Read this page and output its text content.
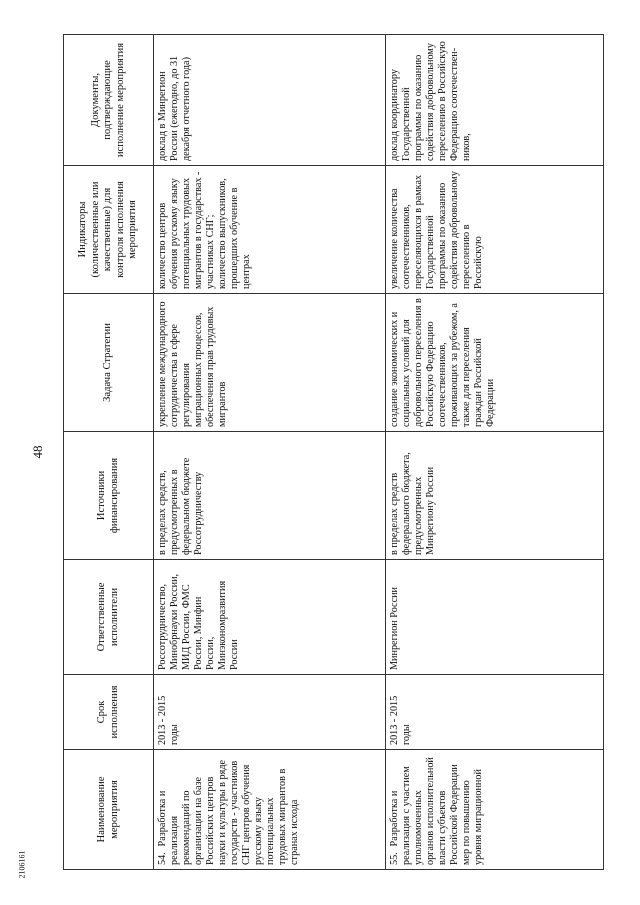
48
Наименование мероприятия	Срок исполнения	Ответственные исполнители	Источники финансирования	Задача Стратегии	Индикаторы (количественные или качественные) для контроля исполнения мероприятия	Документы, подтверждающие исполнение мероприятия
54. Разработка и реализация рекомендаций по организации на базе Российских центров науки и культуры в ряде государств - участников СНГ центров обучения русскому языку потенциальных трудовых мигрантов в странах исхода	2013 - 2015 годы	Россотрудничество, Минобрнауки России, МИД России, ФМС России, Минфин России, Минэкономразвития России	в пределах средств, предусмотренных в федеральном бюджете Россотрудничеству	укрепление международного сотрудничества в сфере регулирования миграционных процессов, обеспечения прав трудовых мигрантов	количество центров обучения русскому языку потенциальных трудовых мигрантов в государствах - участниках СНГ; количество выпускников, прошедших обучение в центрах	доклад в Минрегион России (ежегодно, до 31 декабря отчетного года)
55. Разработка и реализация с участием уполномоченных органов исполнительной власти субъектов Российской Федерации мер по повышению уровня миграционной	2013 - 2015 годы	Минрегион России	в пределах средств федерального бюджета, предусмотренных Минрегиону России	создание экономических и социальных условий для добровольного переселения в Российскую Федерацию соотечественников, проживающих за рубежом, а также для переселения граждан Российской Федерации	увеличение количества соотечественников, переселяющихся в рамках Государственной программы по оказанию содействия добровольному переселению в Российскую	доклад координатору Государственной программы по оказанию содействия добровольному переселению в Российскую Федерацию соотечествен- ников,
2106161
